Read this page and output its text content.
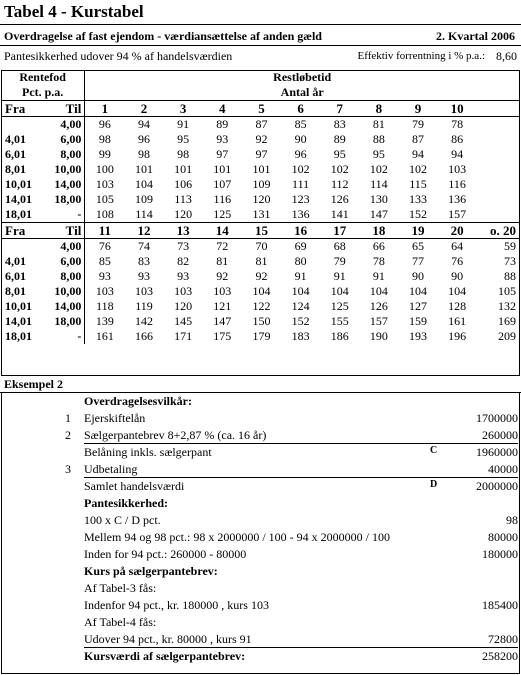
Tabel 4 - Kurstabel
Overdragelse af fast ejendom - værdiansættelse af anden gæld	2. Kvartal 2006
Pantesikkerhed udover 94 % af handelsværdien	Effektiv forrentning i % p.a.: 8,60
Rentefod		Restløbetid										
Pct. p.a.		Antal år										
Fra	Til	1	2	3	4	5	6	7	8	9	10	
	4,00	96	94	91	89	87	85	83	81	79	78	
4,01	6,00	98	96	95	93	92	90	89	88	87	86	
6,01	8,00	99	98	98	97	97	96	95	95	94	94	
8,01	10,00	100	101	101	101	101	102	102	102	102	103	
10,01	14,00	103	104	106	107	109	111	112	114	115	116	
14,01	18,00	105	109	113	116	120	123	126	130	133	136	
18,01	-	108	114	120	125	131	136	141	147	152	157	
Fra	Til	11	12	13	14	15	16	17	18	19	20	o. 20
	4,00	76	74	73	72	70	69	68	66	65	64	59
4,01	6,00	85	83	82	81	81	80	79	78	77	76	73
6,01	8,00	93	93	93	92	92	91	91	91	90	90	88
8,01	10,00	103	103	103	103	104	104	104	104	104	104	105
10,01	14,00	118	119	120	121	122	124	125	126	127	128	132
14,01	18,00	139	142	145	147	150	152	155	157	159	161	169
18,01	-	161	166	171	175	179	183	186	190	193	196	209
Eksempel 2
Overdragelsesvilkår:
1 Ejerskiftelån	1700000
2 Sælgerpantebrev 8+2,87 % (ca. 16 år)	260000
Belåning inkls. sælgerpant	C	1960000
3 Udbetaling	40000
Samlet handelsværdi	D	2000000
Pantesikkerhed:
100 x C / D pct.	98
Mellem 94 og 98 pct.: 98 x 2000000 / 100 - 94 x 2000000 / 100	80000
Inden for 94 pct.: 260000 - 80000	180000
Kurs på sælgerpantebrev:
Af Tabel-3 fås:
Indenfor 94 pct., kr. 180000 , kurs 103	185400
Af Tabel-4 fås:
Udover 94 pct., kr. 80000 , kurs 91	72800
Kursværdi af sælgerpantebrev:	258200
